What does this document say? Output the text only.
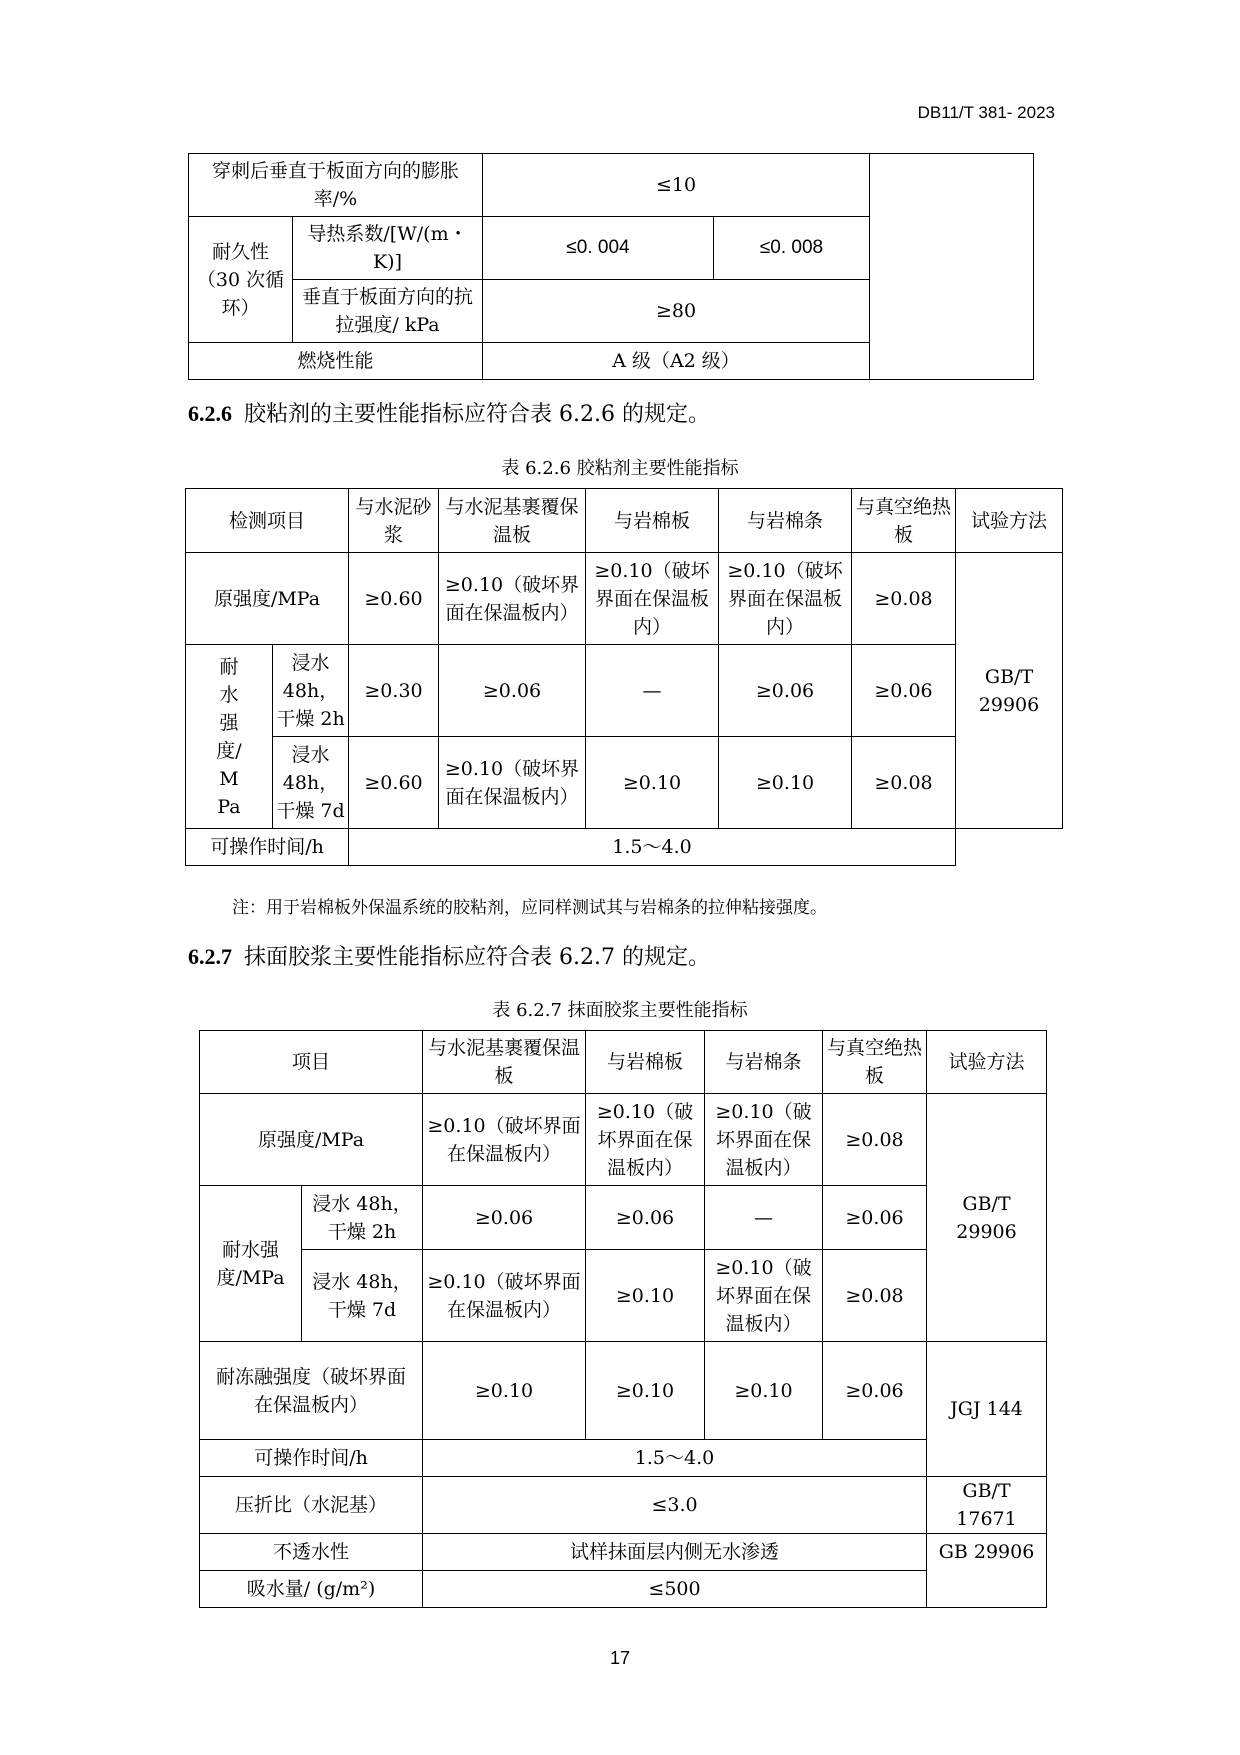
DB11/T 381- 2023
穿刺后垂直于板面方向的膨胀率/%		≤10		
耐久性（30 次循环）	导热系数/[W/(m・K)]	≤0. 004	≤0. 008	
	垂直于板面方向的抗拉强度/ kPa	≥80		
燃烧性能		A 级（A2 级）		
6.2.6 胶粘剂的主要性能指标应符合表 6.2.6 的规定。
表 6.2.6 胶粘剂主要性能指标
检测项目		与水泥砂浆	与水泥基裹覆保温板	与岩棉板	与岩棉条	与真空绝热板	试验方法
原强度/MPa		≥0.60	≥0.10（破坏界面在保温板内）	≥0.10（破坏界面在保温板内）	≥0.10（破坏界面在保温板内）	≥0.08	GB/T 29906
耐水强度/MPa	浸水48h，干燥 2h	≥0.30	≥0.06	—	≥0.06	≥0.06	
	浸水48h，干燥 7d	≥0.60	≥0.10（破坏界面在保温板内）	≥0.10	≥0.10	≥0.08	
可操作时间/h		1.5～4.0					
注：用于岩棉板外保温系统的胶粘剂，应同样测试其与岩棉条的拉伸粘接强度。
6.2.7 抹面胶浆主要性能指标应符合表 6.2.7 的规定。
表 6.2.7 抹面胶浆主要性能指标
项目		与水泥基裹覆保温板	与岩棉板	与岩棉条	与真空绝热板	试验方法
原强度/MPa		≥0.10（破坏界面在保温板内）	≥0.10（破坏界面在保温板内）	≥0.10（破坏界面在保温板内）	≥0.08	GB/T 29906
耐水强度/MPa	浸水 48h，干燥 2h	≥0.06	≥0.06	—	≥0.06	
	浸水 48h，干燥 7d	≥0.10（破坏界面在保温板内）	≥0.10	≥0.10（破坏界面在保温板内）	≥0.08	
耐冻融强度（破坏界面在保温板内）		≥0.10	≥0.10	≥0.10	≥0.06	JGJ 144
可操作时间/h		1.5～4.0				
压折比（水泥基）		≤3.0				GB/T 17671
不透水性		试样抹面层内侧无水渗透				GB 29906
吸水量/ (g/m²)		≤500				
17
